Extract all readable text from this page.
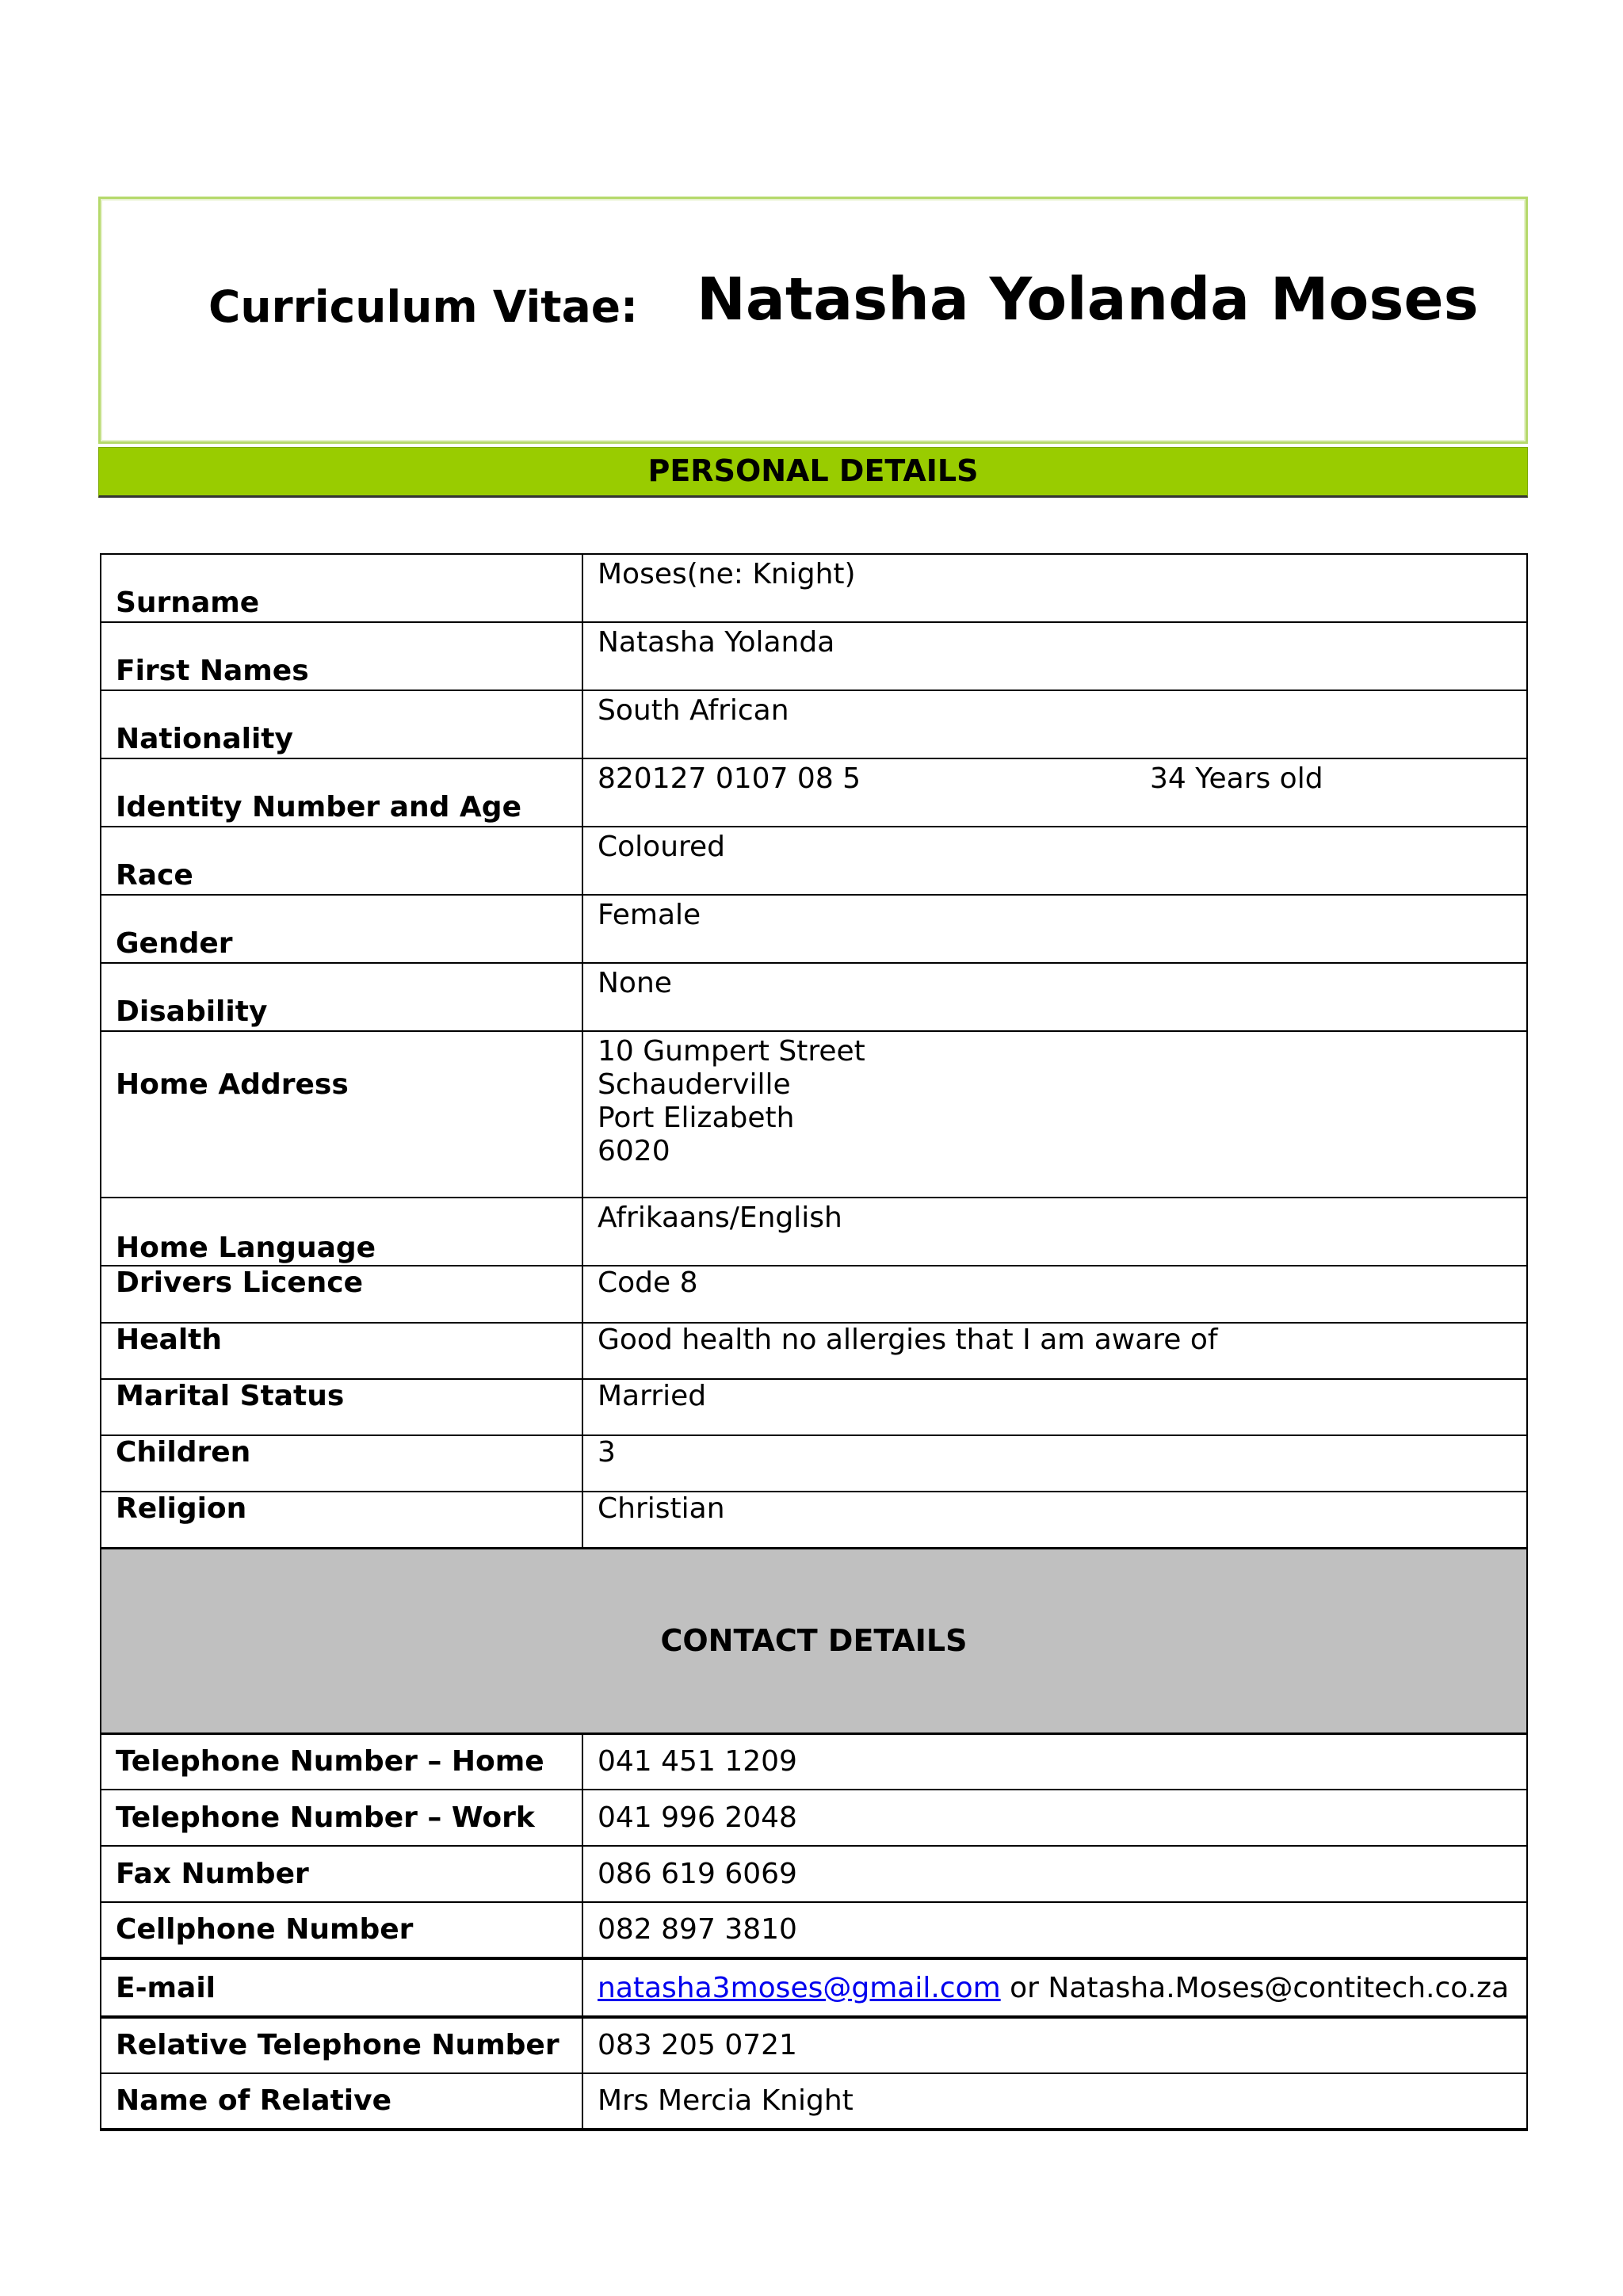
Curriculum Vitae: Natasha Yolanda Moses
PERSONAL DETAILS
Surname	Moses(ne: Knight)
First Names	Natasha Yolanda
Nationality	South African
Identity Number and Age	820127 0107 08 5 34 Years old

Race	Coloured
Gender	Female
Disability	None
Home Address	10 Gumpert Street
Schauderville
Port Elizabeth
6020

Home Language	Afrikaans/English
Drivers Licence	Code 8
Health	Good health no allergies that I am aware of
Marital Status	Married
Children	3
Religion	Christian
CONTACT DETAILS	
Telephone Number – Home	041 451 1209
Telephone Number – Work	041 996 2048
Fax Number	086 619 6069
Cellphone Number	082 897 3810
E-mail	natasha3moses@gmail.com or Natasha.Moses@contitech.co.za
Relative Telephone Number	083 205 0721
Name of Relative	Mrs Mercia Knight
